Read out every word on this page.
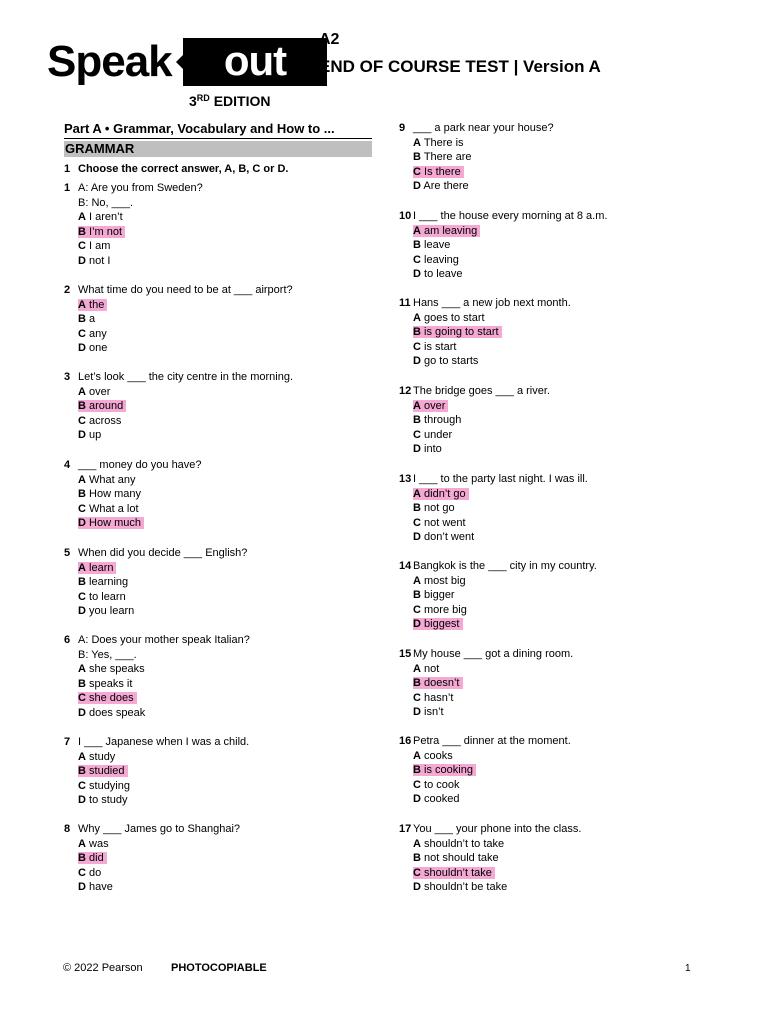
Speak	out
3RD EDITION
A2
END OF COURSE TEST | Version A
Part A • Grammar, Vocabulary and How to ...
GRAMMAR
1 Choose the correct answer, A, B, C or D.
1 A: Are you from Sweden?
B: No, ___.
A I aren’t
B I’m not
C I am
D not I
2 What time do you need to be at ___ airport?
A the
B a
C any
D one
3 Let’s look ___ the city centre in the morning.
A over
B around
C across
D up
4 ___ money do you have?
A What any
B How many
C What a lot
D How much
5 When did you decide ___ English?
A learn
B learning
C to learn
D you learn
6 A: Does your mother speak Italian?
B: Yes, ___.
A she speaks
B speaks it
C she does
D does speak
7 I ___ Japanese when I was a child.
A study
B studied
C studying
D to study
8 Why ___ James go to Shanghai?
A was
B did
C do
D have
9 ___ a park near your house?
A There is
B There are
C Is there
D Are there
10 I ___ the house every morning at 8 a.m.
A am leaving
B leave
C leaving
D to leave
11 Hans ___ a new job next month.
A goes to start
B is going to start
C is start
D go to starts
12 The bridge goes ___ a river.
A over
B through
C under
D into
13 I ___ to the party last night. I was ill.
A didn’t go
B not go
C not went
D don’t went
14 Bangkok is the ___ city in my country.
A most big
B bigger
C more big
D biggest
15 My house ___ got a dining room.
A not
B doesn’t
C hasn’t
D isn’t
16 Petra ___ dinner at the moment.
A cooks
B is cooking
C to cook
D cooked
17 You ___ your phone into the class.
A shouldn’t to take
B not should take
C shouldn’t take
D shouldn’t be take
© 2022 Pearson	PHOTOCOPIABLE	1
